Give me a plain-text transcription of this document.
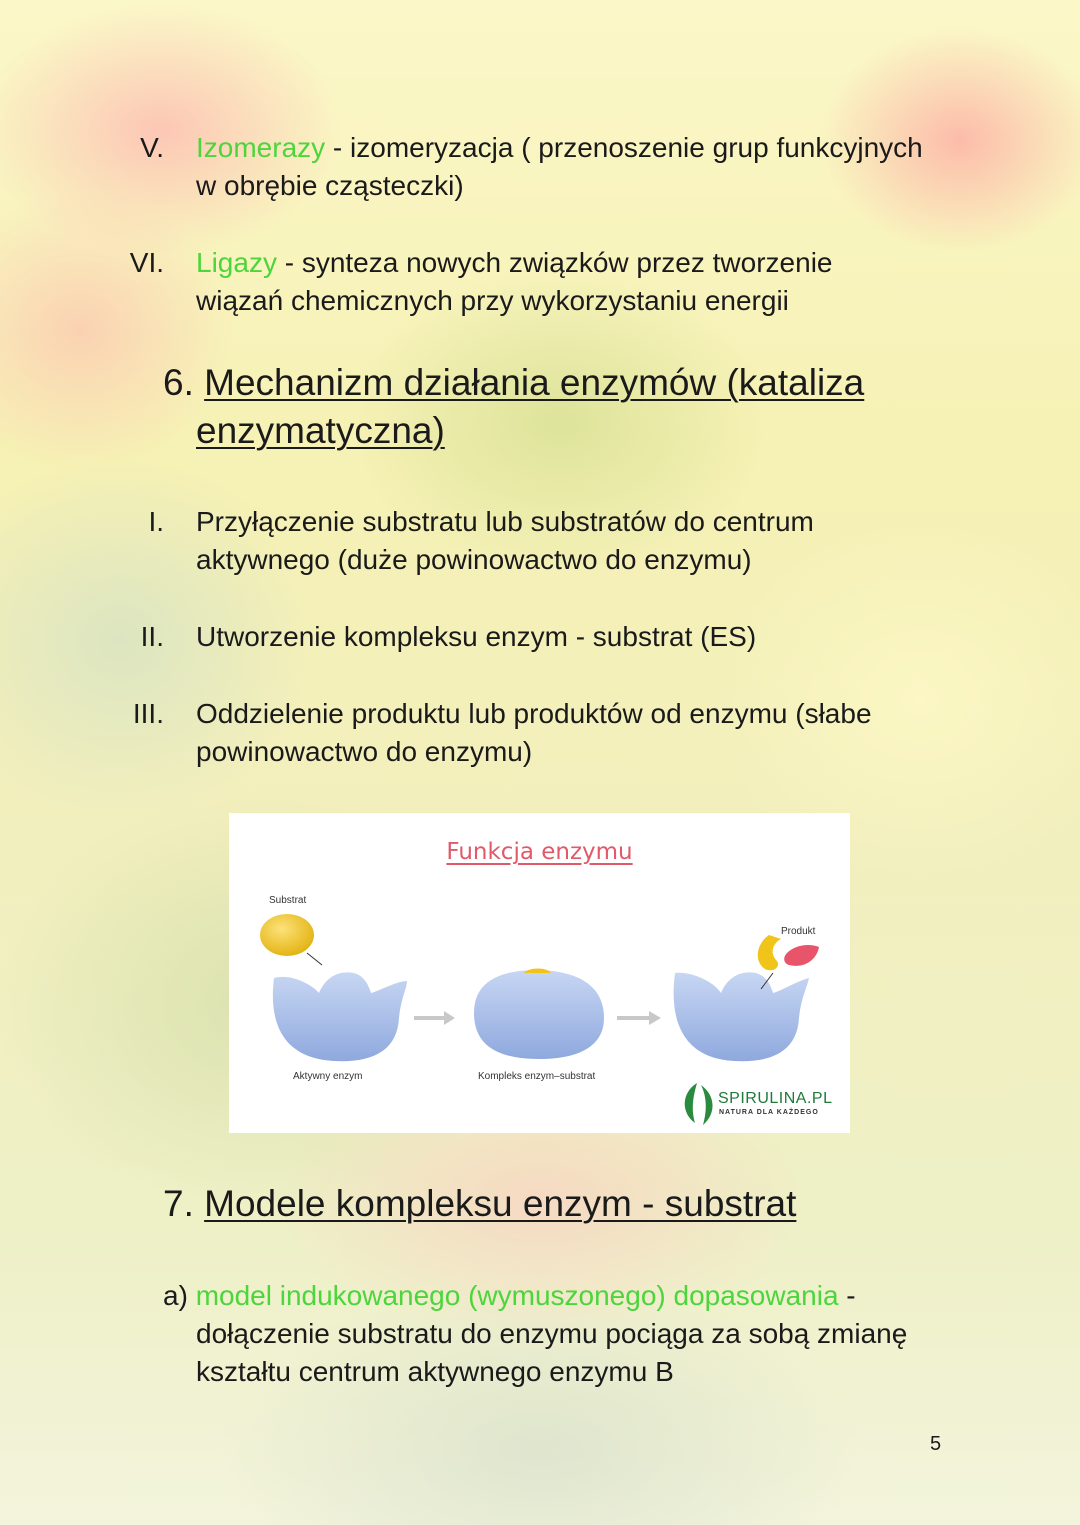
V. Izomerazy - izomeryzacja ( przenoszenie grup funkcyjnych
w obrębie cząsteczki)
VI. Ligazy - synteza nowych związków przez tworzenie
wiązań chemicznych przy wykorzystaniu energii
6. Mechanizm działania enzymów (kataliza
enzymatyczna)
I. Przyłączenie substratu lub substratów do centrum
aktywnego (duże powinowactwo do enzymu)
II. Utworzenie kompleksu enzym - substrat (ES)
III. Oddzielenie produktu lub produktów od enzymu (słabe
powinowactwo do enzymu)
Funkcja enzymu
Substrat
Produkt
Aktywny enzym	Kompleks enzym–substrat
SPIRULINA.PL
NATURA DLA KAŻDEGO
7. Modele kompleksu enzym - substrat
a) model indukowanego (wymuszonego) dopasowania -
dołączenie substratu do enzymu pociąga za sobą zmianę
kształtu centrum aktywnego enzymu B
5
